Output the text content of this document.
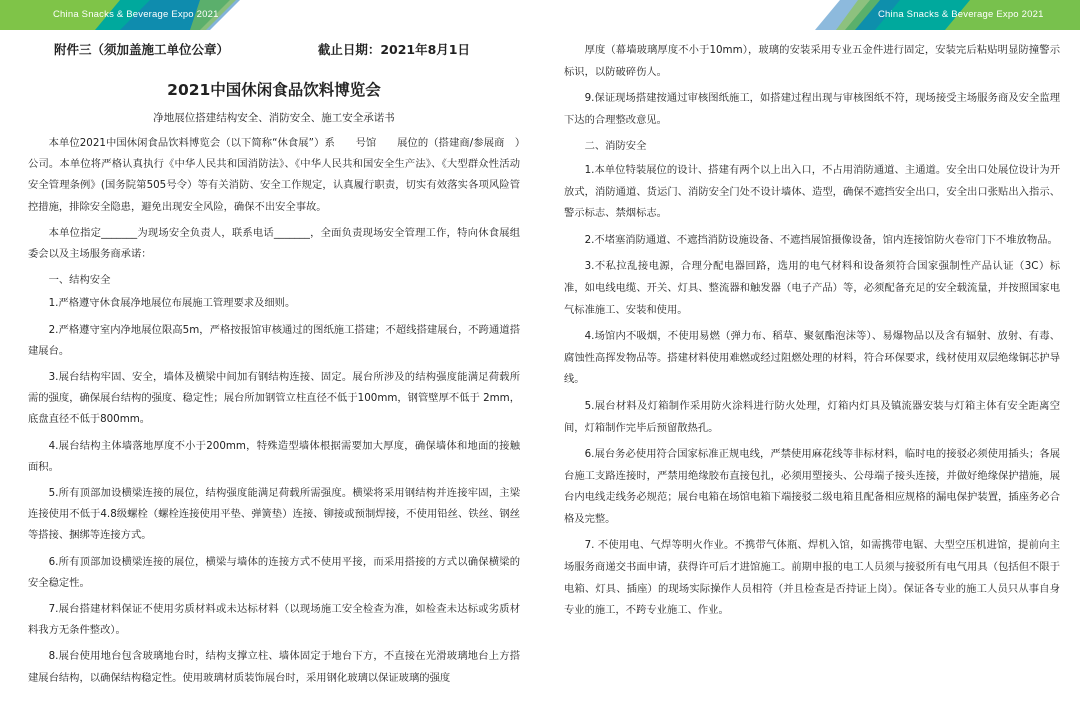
China Snacks & Beverage Expo 2021
附件三（须加盖施工单位公章）	截止日期：2021年8月1日
2021中国休闲食品饮料博览会
净地展位搭建结构安全、消防安全、施工安全承诺书

本单位2021中国休闲食品饮料博览会（以下简称“休食展”）系　　号馆　　展位的（搭建商/参展商　）公司。本单位将严格认真执行《中华人民共和国消防法》、《中华人民共和国安全生产法》、《大型群众性活动安全管理条例》(国务院第505号令）等有关消防、安全工作规定，认真履行职责，切实有效落实各项风险管控措施，排除安全隐患，避免出现安全风险，确保不出安全事故。

本单位指定_______为现场安全负责人，联系电话_______，全面负责现场安全管理工作，特向休食展组委会以及主场服务商承诺：

一、结构安全

1.严格遵守休食展净地展位布展施工管理要求及细则。

2.严格遵守室内净地展位限高5m，严格按报馆审核通过的图纸施工搭建；不超线搭建展台，不跨通道搭建展台。

3.展台结构牢固、安全，墙体及横梁中间加有钢结构连接、固定。展台所涉及的结构强度能满足荷载所需的强度，确保展台结构的强度、稳定性；展台所加钢管立柱直径不低于100mm，钢管壁厚不低于 2mm，底盘直径不低于800mm。

4.展台结构主体墙落地厚度不小于200mm，特殊造型墙体根据需要加大厚度，确保墙体和地面的接触面积。

5.所有顶部加设横梁连接的展位，结构强度能满足荷载所需强度。横梁将采用钢结构并连接牢固，主梁连接使用不低于4.8级螺栓（螺栓连接使用平垫、弹簧垫）连接、铆接或预制焊接，不使用铅丝、铁丝、钢丝等搭接、捆绑等连接方式。

6.所有顶部加设横梁连接的展位，横梁与墙体的连接方式不使用平接，而采用搭接的方式以确保横梁的安全稳定性。

7.展台搭建材料保证不使用劣质材料或未达标材料（以现场施工安全检查为准，如检查未达标或劣质材料我方无条件整改）。

8.展台使用地台包含玻璃地台时，结构支撑立柱、墙体固定于地台下方，不直接在光滑玻璃地台上方搭建展台结构，以确保结构稳定性。使用玻璃材质装饰展台时，采用钢化玻璃以保证玻璃的强度

China Snacks & Beverage Expo 2021

厚度（幕墙玻璃厚度不小于10mm），玻璃的安装采用专业五金件进行固定，安装完后粘贴明显防撞警示标识，以防破碎伤人。

9.保证现场搭建按通过审核图纸施工，如搭建过程出现与审核图纸不符，现场接受主场服务商及安全监理下达的合理整改意见。

二、消防安全

1.本单位特装展位的设计、搭建有两个以上出入口，不占用消防通道、主通道。安全出口处展位设计为开放式，消防通道、货运门、消防安全门处不设计墙体、造型，确保不遮挡安全出口，安全出口张贴出入指示、警示标志、禁烟标志。

2.不堵塞消防通道、不遮挡消防设施设备、不遮挡展馆摄像设备，馆内连接馆防火卷帘门下不堆放物品。

3.不私拉乱接电源，合理分配电器回路，选用的电气材料和设备须符合国家强制性产品认证（3C）标准，如电线电缆、开关、灯具、整流器和触发器（电子产品）等，必须配备充足的安全载流量，并按照国家电气标准施工、安装和使用。

4.场馆内不吸烟，不使用易燃（弹力布、稻草、聚氨酯泡沫等）、易爆物品以及含有辐射、放射、有毒、腐蚀性高挥发物品等。搭建材料使用难燃或经过阻燃处理的材料，符合环保要求，线材使用双层绝缘铜芯护导线。

5.展台材料及灯箱制作采用防火涂料进行防火处理，灯箱内灯具及镇流器安装与灯箱主体有安全距离空间，灯箱制作完毕后预留散热孔。

6.展台务必使用符合国家标准正规电线，严禁使用麻花线等非标材料，临时电的接驳必须使用插头；各展台施工支路连接时，严禁用绝缘胶布直接包扎，必须用塑接头、公母端子接头连接，并做好绝缘保护措施，展台内电线走线务必规范；展台电箱在场馆电箱下端接驳二级电箱且配备相应规格的漏电保护装置，插座务必合格及完整。

7. 不使用电、气焊等明火作业。不携带气体瓶、焊机入馆，如需携带电锯、大型空压机进馆，提前向主场服务商递交书面申请，获得许可后才进馆施工。前期申报的电工人员须与接驳所有电气用具（包括但不限于电箱、灯具、插座）的现场实际操作人员相符（并且检查是否持证上岗）。保证各专业的施工人员只从事自身专业的施工，不跨专业施工、作业。
